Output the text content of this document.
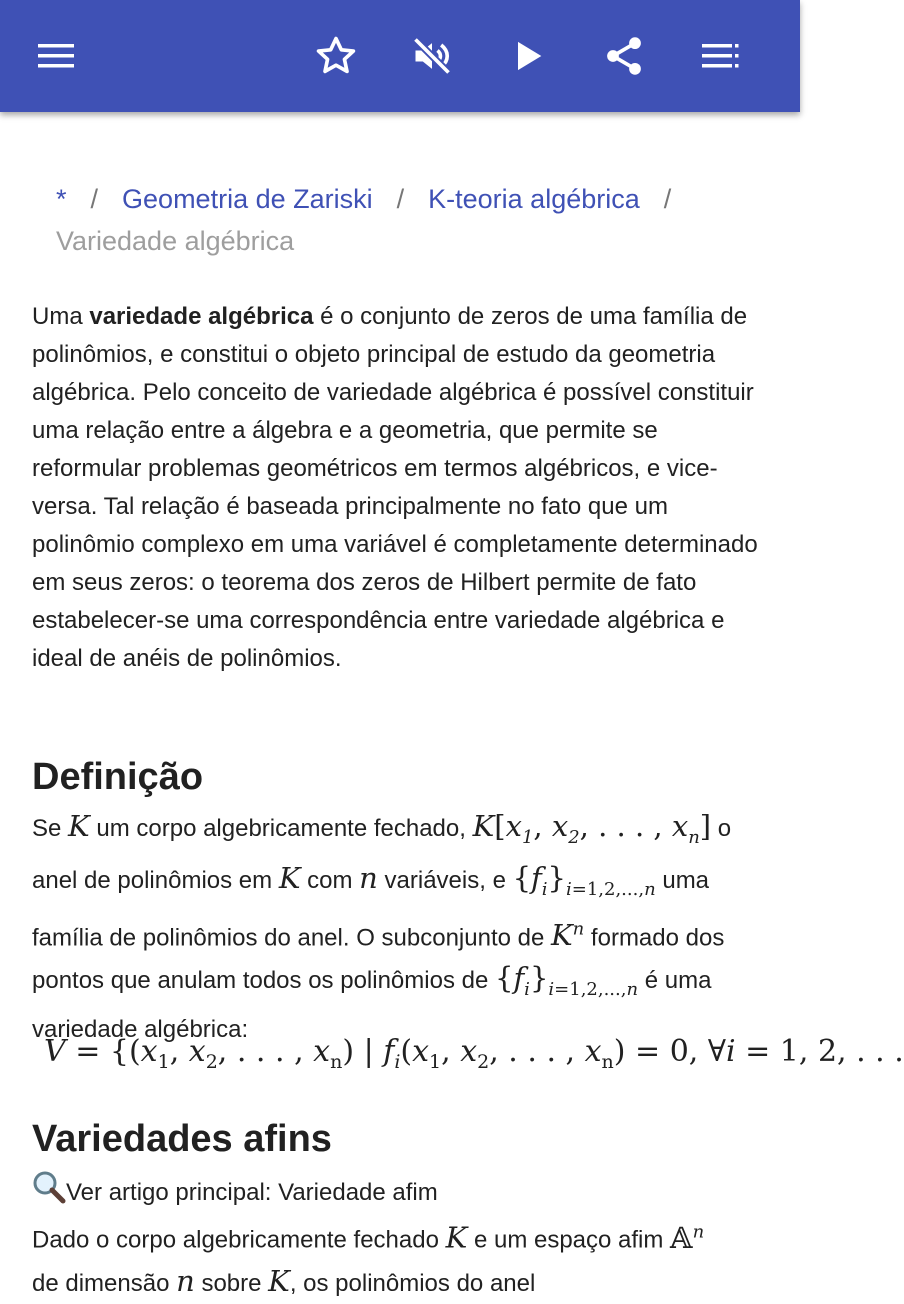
* / Geometria de Zariski / K-teoria algébrica /
Variedade algébrica
Uma variedade algébrica é o conjunto de zeros de uma família de polinômios, e constitui o objeto principal de estudo da geometria algébrica. Pelo conceito de variedade algébrica é possível constituir uma relação entre a álgebra e a geometria, que permite se reformular problemas geométricos em termos algébricos, e vice-versa. Tal relação é baseada principalmente no fato que um polinômio complexo em uma variável é completamente determinado em seus zeros: o teorema dos zeros de Hilbert permite de fato estabelecer-se uma correspondência entre variedade algébrica e ideal de anéis de polinômios.
Definição
Se K um corpo algebricamente fechado, $K[x_1$, $x_2$, . . . , $x_n$] o anel de polinômios em K com n variáveis, e $\{f_i\}_{i=1,2,...,n}$ uma família de polinômios do anel. O subconjunto de $K^n$ formado dos pontos que anulam todos os polinômios de $\{f_i\}_{i=1,2,...,n}$ é uma variedade algébrica:
$V = \{(x_1$, $x_2$, . . . , $x_n$) | $f_i(x_1$, $x_2$, . . . , $x_n) = 0$, ∀i = 1, 2, . . .
Variedades afins
Ver artigo principal: Variedade afim
Dado o corpo algebricamente fechado K e um espaço afim 𝔸$^n$
de dimensão n sobre K, os polinômios do anel
